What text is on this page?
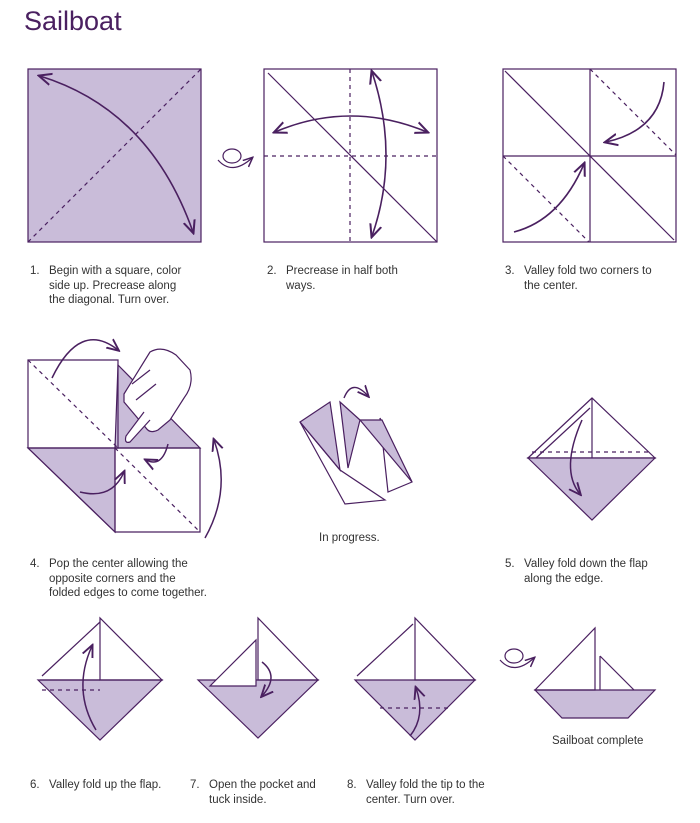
Sailboat
1. Begin with a square, color
side up. Precrease along
the diagonal. Turn over.
2. Precrease in half both
ways.
3. Valley fold two corners to
the center.
4. Pop the center allowing the
opposite corners and the
folded edges to come together.
In progress.
5. Valley fold down the flap
along the edge.
Sailboat complete
6. Valley fold up the flap.	7. Open the pocket and
tuck inside.
8. Valley fold the tip to the
center. Turn over.
